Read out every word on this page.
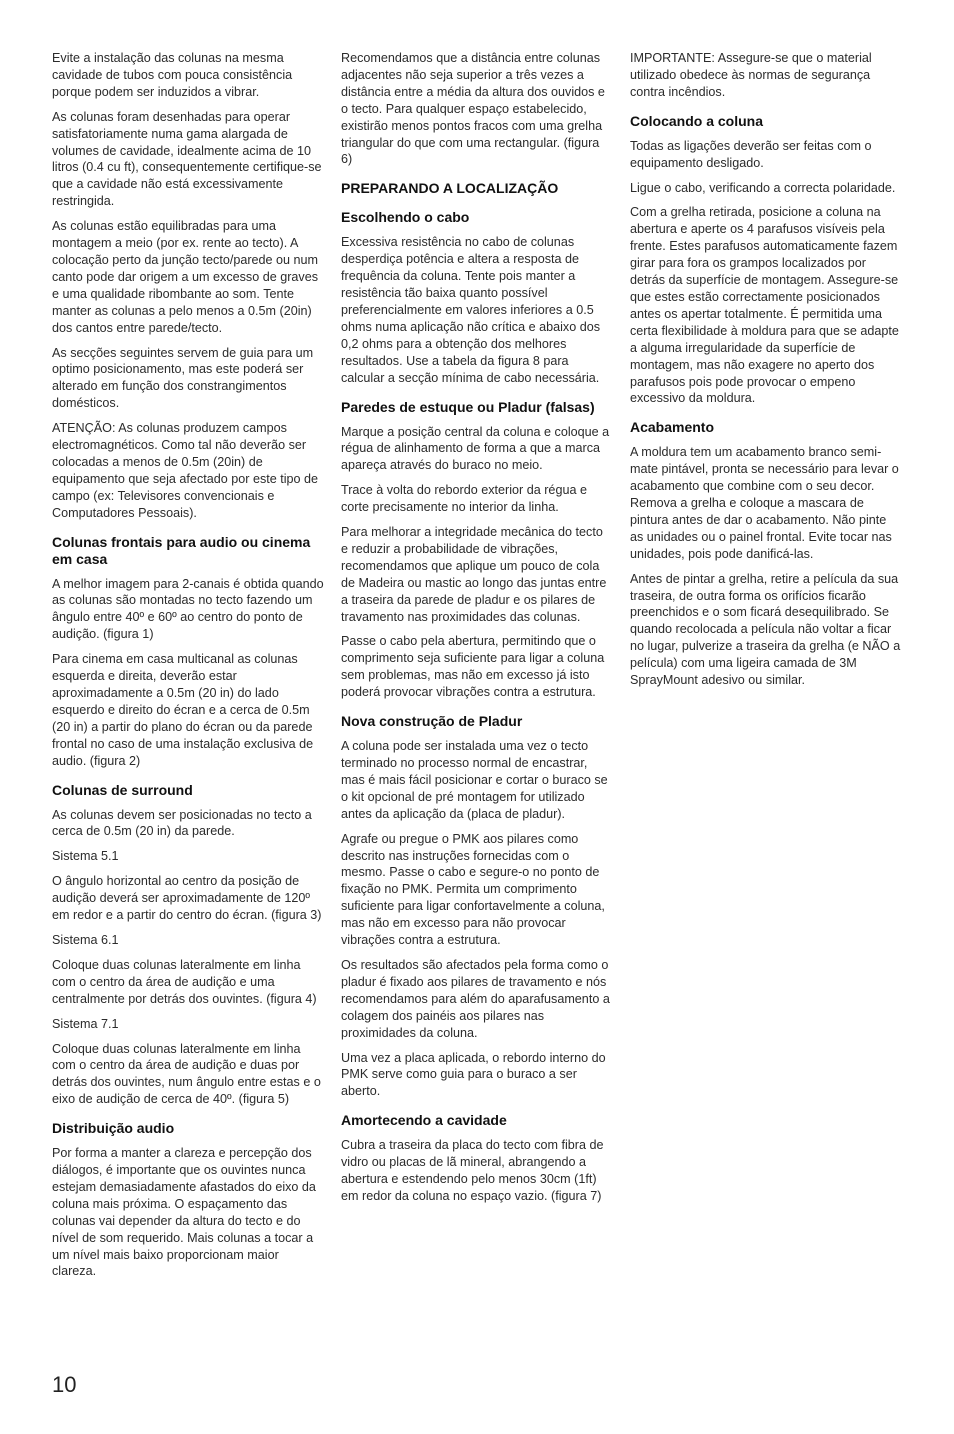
Evite a instalação das colunas na mesma cavidade de tubos com pouca consistência porque podem ser induzidos a vibrar.

As colunas foram desenhadas para operar satisfatoriamente numa gama alargada de volumes de cavidade, idealmente acima de 10 litros (0.4 cu ft), consequentemente certifique-se que a cavidade não está excessivamente restringida.

As colunas estão equilibradas para uma montagem a meio (por ex. rente ao tecto). A colocação perto da junção tecto/parede ou num canto pode dar origem a um excesso de graves e uma qualidade ribombante ao som. Tente manter as colunas a pelo menos a 0.5m (20in) dos cantos entre parede/tecto.

As secções seguintes servem de guia para um optimo posicionamento, mas este poderá ser alterado em função dos constrangimentos domésticos.

ATENÇÃO: As colunas produzem campos electromagnéticos. Como tal não deverão ser colocadas a menos de 0.5m (20in) de equipamento que seja afectado por este tipo de campo (ex: Televisores convencionais e Computadores Pessoais).

Colunas frontais para audio ou cinema em casa

A melhor imagem para 2-canais é obtida quando as colunas são montadas no tecto fazendo um ângulo entre 40º e 60º ao centro do ponto de audição. (figura 1)

Para cinema em casa multicanal as colunas esquerda e direita, deverão estar aproximadamente a 0.5m (20 in) do lado esquerdo e direito do écran e a cerca de 0.5m (20 in) a partir do plano do écran ou da parede frontal no caso de uma instalação exclusiva de audio. (figura 2)

Colunas de surround

As colunas devem ser posicionadas no tecto a cerca de 0.5m (20 in) da parede.

Sistema 5.1

O ângulo horizontal ao centro da posição de audição deverá ser aproximadamente de 120º em redor e a partir do centro do écran. (figura 3)

Sistema 6.1

Coloque duas colunas lateralmente em linha com o centro da área de audição e uma centralmente por detrás dos ouvintes. (figura 4)

Sistema 7.1

Coloque duas colunas lateralmente em linha com o centro da área de audição e duas por detrás dos ouvintes, num ângulo entre estas e o eixo de audição de cerca de 40º. (figura 5)

Distribuição audio

Por forma a manter a clareza e percepção dos diálogos, é importante que os ouvintes nunca estejam demasiadamente afastados do eixo da coluna mais próxima. O espaçamento das colunas vai depender da altura do tecto e do nível de som requerido. Mais colunas a tocar a um nível mais baixo proporcionam maior clareza.

Recomendamos que a distância entre colunas adjacentes não seja superior a três vezes a distância entre a média da altura dos ouvidos e o tecto. Para qualquer espaço estabelecido, existirão menos pontos fracos com uma grelha triangular do que com uma rectangular. (figura 6)

PREPARANDO A LOCALIZAÇÃO
Escolhendo o cabo

Excessiva resistência no cabo de colunas desperdiça potência e altera a resposta de frequência da coluna. Tente pois manter a resistência tão baixa quanto possível preferencialmente em valores inferiores a 0.5 ohms numa aplicação não crítica e abaixo dos 0,2 ohms para a obtenção dos melhores resultados. Use a tabela da figura 8 para calcular a secção mínima de cabo necessária.

Paredes de estuque ou Pladur (falsas)

Marque a posição central da coluna e coloque a régua de alinhamento de forma a que a marca apareça através do buraco no meio.

Trace à volta do rebordo exterior da régua e corte precisamente no interior da linha.

Para melhorar a integridade mecânica do tecto e reduzir a probabilidade de vibrações, recomendamos que aplique um pouco de cola de Madeira ou mastic ao longo das juntas entre a traseira da parede de pladur e os pilares de travamento nas proximidades das colunas.

Passe o cabo pela abertura, permitindo que o comprimento seja suficiente para ligar a coluna sem problemas, mas não em excesso já isto poderá provocar vibrações contra a estrutura.

Nova construção de Pladur

A coluna pode ser instalada uma vez o tecto terminado no processo normal de encastrar, mas é mais fácil posicionar e cortar o buraco se o kit opcional de pré montagem for utilizado antes da aplicação da (placa de pladur).

Agrafe ou pregue o PMK aos pilares como descrito nas instruções fornecidas com o mesmo. Passe o cabo e segure-o no ponto de fixação no PMK. Permita um comprimento suficiente para ligar confortavelmente a coluna, mas não em excesso para não provocar vibrações contra a estrutura.

Os resultados são afectados pela forma como o pladur é fixado aos pilares de travamento e nós recomendamos para além do aparafusamento a colagem dos painéis aos pilares nas proximidades da coluna.

Uma vez a placa aplicada, o rebordo interno do PMK serve como guia para o buraco a ser aberto.

Amortecendo a cavidade

Cubra a traseira da placa do tecto com fibra de vidro ou placas de lã mineral, abrangendo a abertura e estendendo pelo menos 30cm (1ft) em redor da coluna no espaço vazio. (figura 7)

IMPORTANTE: Assegure-se que o material utilizado obedece às normas de segurança contra incêndios.

Colocando a coluna

Todas as ligações deverão ser feitas com o equipamento desligado.

Ligue o cabo, verificando a correcta polaridade.

Com a grelha retirada, posicione a coluna na abertura e aperte os 4 parafusos visíveis pela frente. Estes parafusos automaticamente fazem girar para fora os grampos localizados por detrás da superfície de montagem. Assegure-se que estes estão correctamente posicionados antes os apertar totalmente. É permitida uma certa flexibilidade à moldura para que se adapte a alguma irregularidade da superfície de montagem, mas não exagere no aperto dos parafusos pois pode provocar o empeno excessivo da moldura.

Acabamento

A moldura tem um acabamento branco semi-mate pintável, pronta se necessário para levar o acabamento que combine com o seu decor. Remova a grelha e coloque a mascara de pintura antes de dar o acabamento. Não pinte as unidades ou o painel frontal. Evite tocar nas unidades, pois pode danificá-las.

Antes de pintar a grelha, retire a película da sua traseira, de outra forma os orifícios ficarão preenchidos e o som ficará desequilibrado. Se quando recolocada a película não voltar a ficar no lugar, pulverize a traseira da grelha (e NÃO a película) com uma ligeira camada de 3M SprayMount adesivo ou similar.

10
